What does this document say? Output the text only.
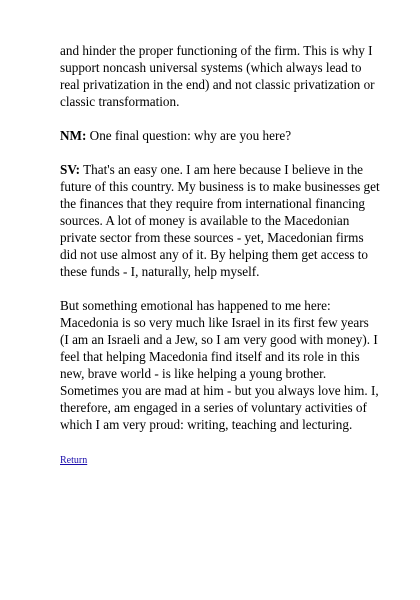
and hinder the proper functioning of the firm. This is why I support noncash universal systems (which always lead to real privatization in the end) and not classic privatization or classic transformation.

NM: One final question: why are you here?

SV: That's an easy one. I am here because I believe in the future of this country. My business is to make businesses get the finances that they require from international financing sources. A lot of money is available to the Macedonian private sector from these sources - yet, Macedonian firms did not use almost any of it. By helping them get access to these funds - I, naturally, help myself.

But something emotional has happened to me here: Macedonia is so very much like Israel in its first few years (I am an Israeli and a Jew, so I am very good with money). I feel that helping Macedonia find itself and its role in this new, brave world - is like helping a young brother. Sometimes you are mad at him - but you always love him. I, therefore, am engaged in a series of voluntary activities of which I am very proud: writing, teaching and lecturing.

Return
